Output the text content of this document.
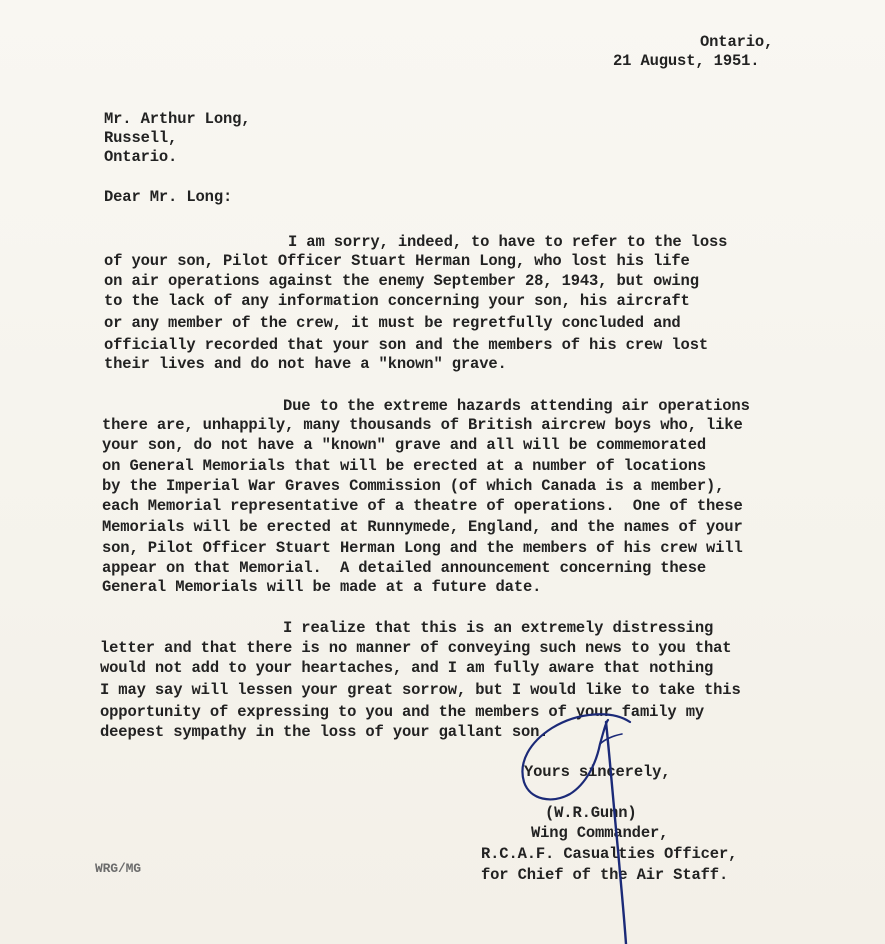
Ontario,
21 August, 1951.
Mr. Arthur Long,
Russell,
Ontario.
Dear Mr. Long:
I am sorry, indeed, to have to refer to the loss
of your son, Pilot Officer Stuart Herman Long, who lost his life
on air operations against the enemy September 28, 1943, but owing
to the lack of any information concerning your son, his aircraft
or any member of the crew, it must be regretfully concluded and
officially recorded that your son and the members of his crew lost
their lives and do not have a "known" grave.
Due to the extreme hazards attending air operations
there are, unhappily, many thousands of British aircrew boys who, like
your son, do not have a "known" grave and all will be commemorated
on General Memorials that will be erected at a number of locations
by the Imperial War Graves Commission (of which Canada is a member),
each Memorial representative of a theatre of operations.  One of these
Memorials will be erected at Runnymede, England, and the names of your
son, Pilot Officer Stuart Herman Long and the members of his crew will
appear on that Memorial.  A detailed announcement concerning these
General Memorials will be made at a future date.
I realize that this is an extremely distressing
letter and that there is no manner of conveying such news to you that
would not add to your heartaches, and I am fully aware that nothing
I may say will lessen your great sorrow, but I would like to take this
opportunity of expressing to you and the members of your family my
deepest sympathy in the loss of your gallant son.
Yours sincerely,
(W.R.Gunn)
Wing Commander,
R.C.A.F. Casualties Officer,
for Chief of the Air Staff.
WRG/MG
